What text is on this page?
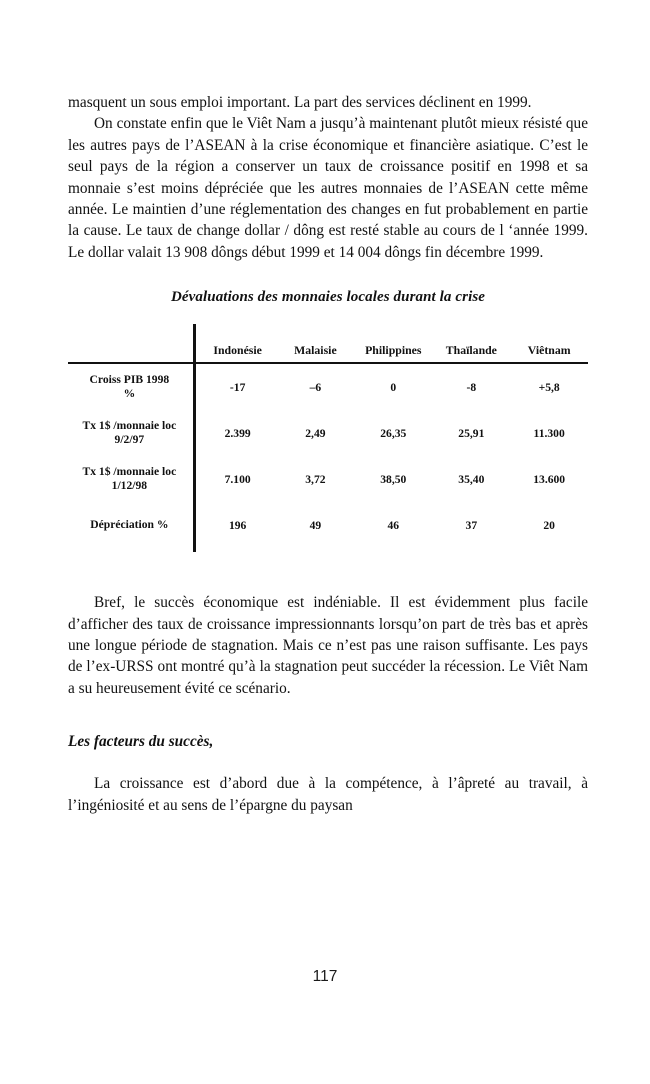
masquent un sous emploi important. La part des services déclinent en 1999.

On constate enfin que le Viêt Nam a jusqu’à maintenant plutôt mieux résisté que les autres pays de l’ASEAN à la crise économique et financière asiatique. C’est le seul pays de la région a conserver un taux de croissance positif en 1998 et sa monnaie s’est moins dépréciée que les autres monnaies de l’ASEAN cette même année. Le maintien d’une réglementation des changes en fut probablement en partie la cause. Le taux de change dollar / dông est resté stable au cours de l ‘année 1999. Le dollar valait 13 908 dôngs début 1999 et 14 004 dôngs fin décembre 1999.

Dévaluations des monnaies locales durant la crise

	Indonésie	Malaisie	Philippines	Thaïlande	Viêtnam

Croiss PIB 1998
%	-17	–6	0	-8	+5,8
Tx 1$ /monnaie loc
9/2/97	2.399	2,49	26,35	25,91	11.300
Tx 1$ /monnaie loc
1/12/98	7.100	3,72	38,50	35,40	13.600
Dépréciation %	196	49	46	37	20

Bref, le succès économique est indéniable. Il est évidemment plus facile d’afficher des taux de croissance impressionnants lorsqu’on part de très bas et après une longue période de stagnation. Mais ce n’est pas une raison suffisante. Les pays de l’ex-URSS ont montré qu’à la stagnation peut succéder la récession. Le Viêt Nam a su heureusement évité ce scénario.

Les facteurs du succès,

La croissance est d’abord due à la compétence, à l’âpreté au travail, à l’ingéniosité et au sens de l’épargne du paysan

117
